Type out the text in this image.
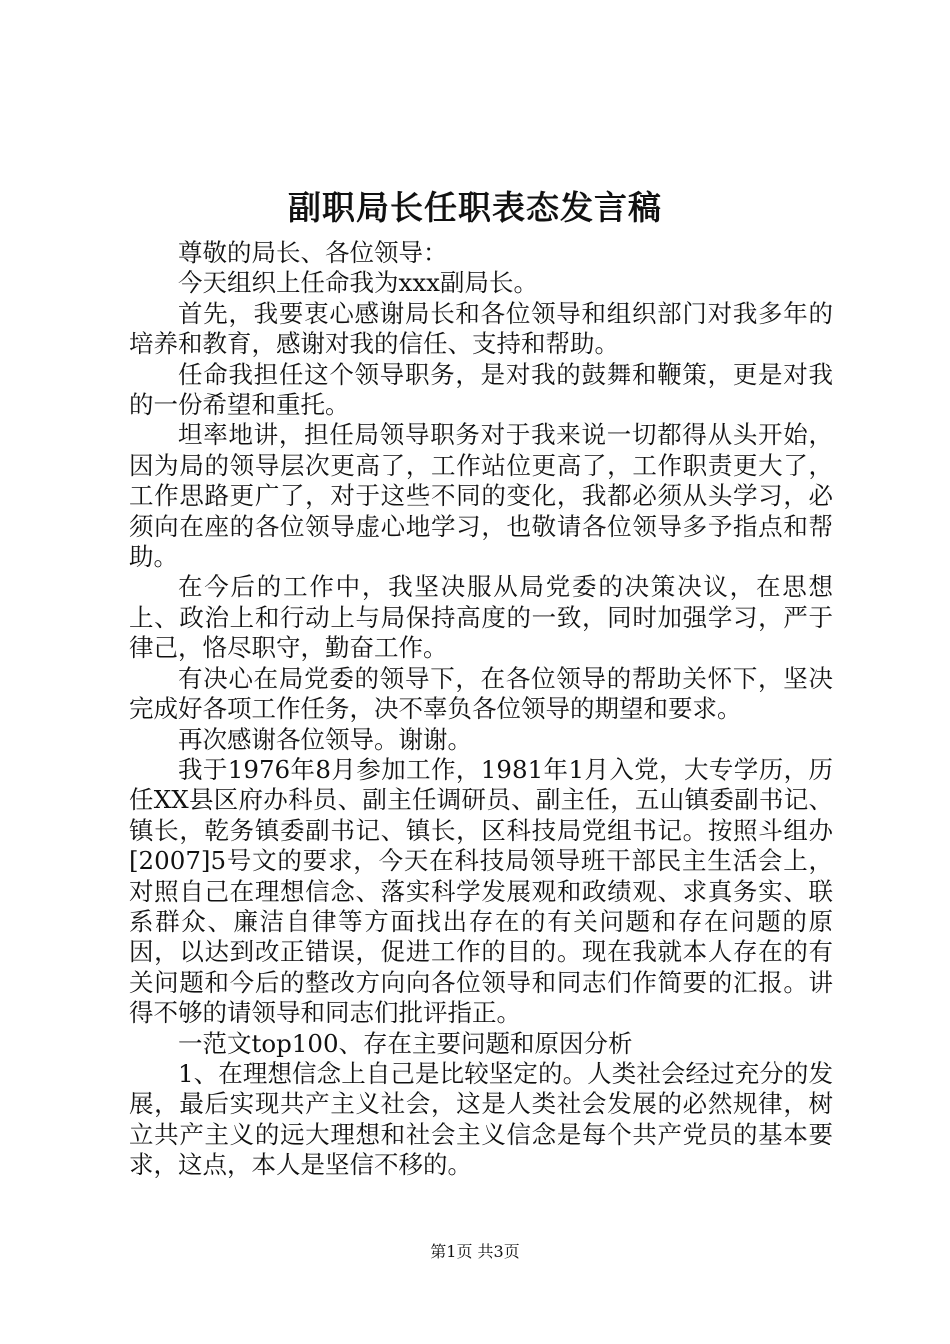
副职局长任职表态发言稿

尊敬的局长、各位领导：

今天组织上任命我为xxx副局长。

首先，我要衷心感谢局长和各位领导和组织部门对我多年的培养和教育，感谢对我的信任、支持和帮助。

任命我担任这个领导职务，是对我的鼓舞和鞭策，更是对我的一份希望和重托。

坦率地讲，担任局领导职务对于我来说一切都得从头开始，因为局的领导层次更高了，工作站位更高了，工作职责更大了，工作思路更广了，对于这些不同的变化，我都必须从头学习，必须向在座的各位领导虚心地学习，也敬请各位领导多予指点和帮助。

在今后的工作中，我坚决服从局党委的决策决议，在思想上、政治上和行动上与局保持高度的一致，同时加强学习，严于律己，恪尽职守，勤奋工作。

有决心在局党委的领导下，在各位领导的帮助关怀下，坚决完成好各项工作任务，决不辜负各位领导的期望和要求。

再次感谢各位领导。谢谢。

我于1976年8月参加工作，1981年1月入党，大专学历，历任XX县区府办科员、副主任调研员、副主任，五山镇委副书记、镇长，乾务镇委副书记、镇长，区科技局党组书记。按照斗组办[2007]5号文的要求，今天在科技局领导班干部民主生活会上，对照自己在理想信念、落实科学发展观和政绩观、求真务实、联系群众、廉洁自律等方面找出存在的有关问题和存在问题的原因，以达到改正错误，促进工作的目的。现在我就本人存在的有关问题和今后的整改方向向各位领导和同志们作简要的汇报。讲得不够的请领导和同志们批评指正。

一范文top100、存在主要问题和原因分析

1、在理想信念上自己是比较坚定的。人类社会经过充分的发展，最后实现共产主义社会，这是人类社会发展的必然规律，树立共产主义的远大理想和社会主义信念是每个共产党员的基本要求，这点，本人是坚信不移的。

第1页 共3页
